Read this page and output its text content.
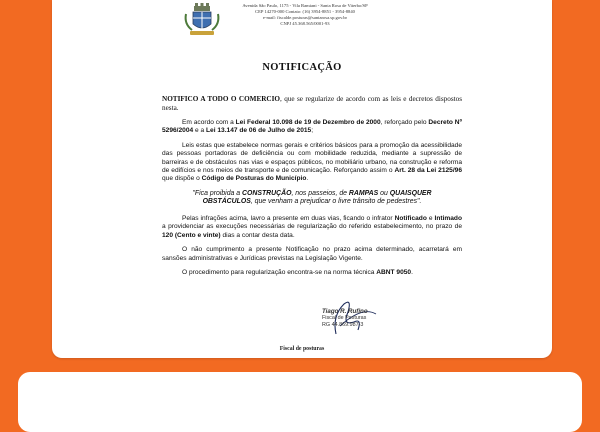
Avenida São Paulo, 1175 - Vila Ramiani - Santa Rosa de Viterbo/SP
CEP 14270-000 Contato: (16) 3954-8851 - 3954-8840
e-mail: fiscalde.posturas@santarosa.sp.gov.br
CNPJ 45.368.565/0001-93
NOTIFICAÇÃO

NOTIFICO A TODO O COMERCIO, que se regularize de acordo com as leis e decretos dispostos nesta.

Em acordo com a Lei Federal 10.098 de 19 de Dezembro de 2000, reforçado pelo Decreto Nº 5296/2004 e a Lei 13.147 de 06 de Julho de 2015;

Leis estas que estabelece normas gerais e critérios básicos para a promoção da acessibilidade das pessoas portadoras de deficiência ou com mobilidade reduzida, mediante a supressão de barreiras e de obstáculos nas vias e espaços públicos, no mobiliário urbano, na construção e reforma de edifícios e nos meios de transporte e de comunicação. Reforçando assim o Art. 28 da Lei 2125/96 que dispõe o Código de Posturas do Município.

"Fica proibida a CONSTRUÇÃO, nos passeios, de RAMPAS ou QUAISQUER OBSTÁCULOS, que venham a prejudicar o livre trânsito de pedestres".

Pelas infrações acima, lavro a presente em duas vias, ficando o infrator Notificado e Intimado a providenciar as execuções necessárias de regularização do referido estabelecimento, no prazo de 120 (Cento e vinte) dias a contar desta data.

O não cumprimento a presente Notificação no prazo acima determinado, acarretará em sansões administrativas e Jurídicas previstas na Legislação Vigente.

O procedimento para regularização encontra-se na norma técnica ABNT 9050.

Tiago R. Rufino
Fiscal de Posturas
RG 44.869.987-3
Fiscal de posturas
